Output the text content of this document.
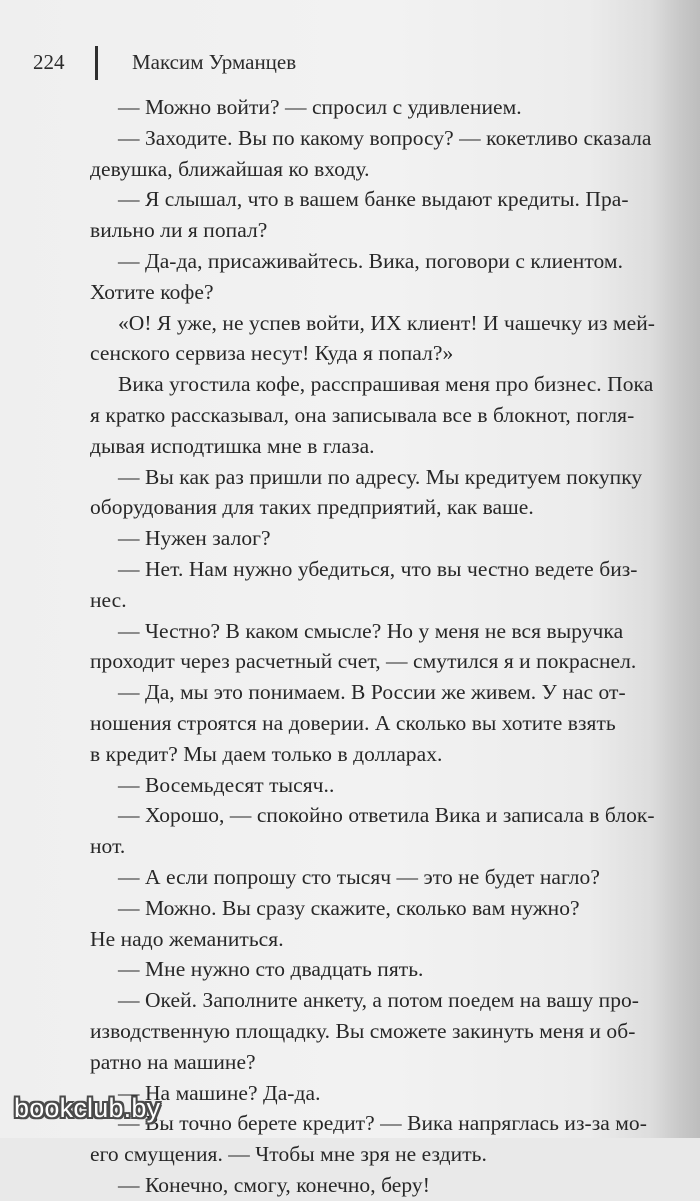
224	Максим Урманцев
— Можно войти? — спросил с удивлением.
— Заходите. Вы по какому вопросу? — кокетливо сказала
девушка, ближайшая ко входу.
— Я слышал, что в вашем банке выдают кредиты. Пра-
вильно ли я попал?
— Да-да, присаживайтесь. Вика, поговори с клиентом.
Хотите кофе?
«О! Я уже, не успев войти, ИХ клиент! И чашечку из мей-
сенского сервиза несут! Куда я попал?»
Вика угостила кофе, расспрашивая меня про бизнес. Пока
я кратко рассказывал, она записывала все в блокнот, погля-
дывая исподтишка мне в глаза.
— Вы как раз пришли по адресу. Мы кредитуем покупку
оборудования для таких предприятий, как ваше.
— Нужен залог?
— Нет. Нам нужно убедиться, что вы честно ведете биз-
нес.
— Честно? В каком смысле? Но у меня не вся выручка
проходит через расчетный счет, — смутился я и покраснел.
— Да, мы это понимаем. В России же живем. У нас от-
ношения строятся на доверии. А сколько вы хотите взять
в кредит? Мы даем только в долларах.
— Восемьдесят тысяч..
— Хорошо, — спокойно ответила Вика и записала в блок-
нот.
— А если попрошу сто тысяч — это не будет нагло?
— Можно. Вы сразу скажите, сколько вам нужно?
Не надо жеманиться.
— Мне нужно сто двадцать пять.
— Окей. Заполните анкету, а потом поедем на вашу про-
изводственную площадку. Вы сможете закинуть меня и об-
ратно на машине?
— На машине? Да-да.
— Вы точно берете кредит? — Вика напряглась из-за мо-
его смущения. — Чтобы мне зря не ездить.
— Конечно, смогу, конечно, беру!
bookclub.by
